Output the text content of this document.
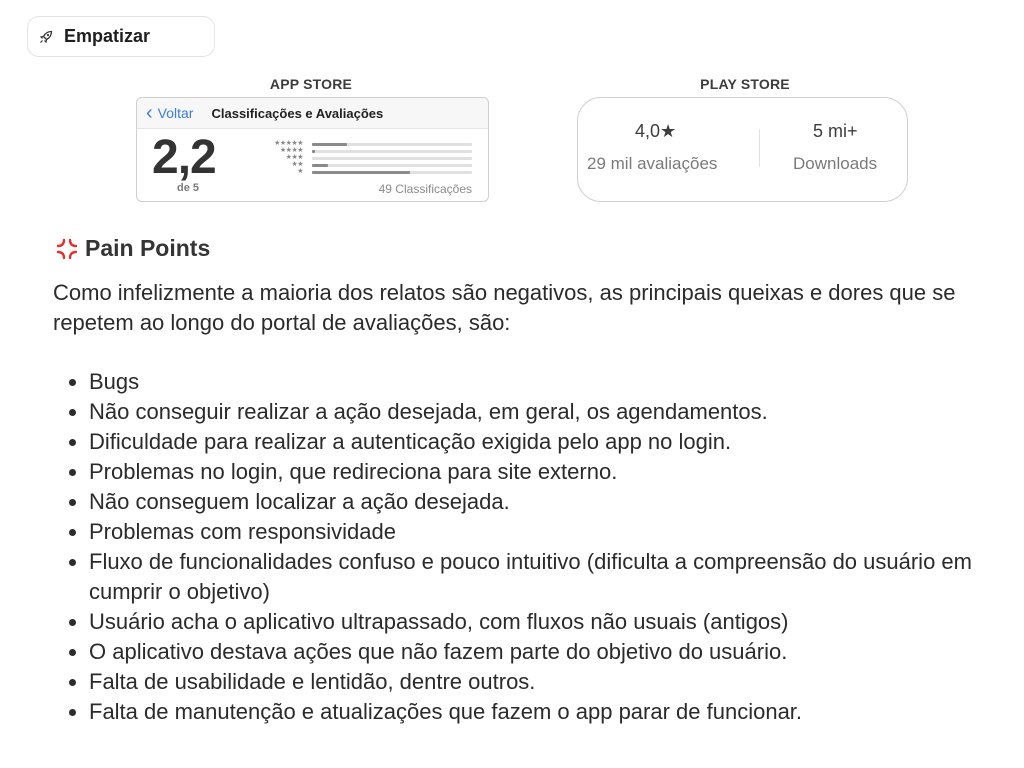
Empatizar
APP STORE	PLAY STORE
‹ Voltar Classificações e Avaliações
2,2
de 5
★★★★★
★★★★
★★★
★★
★
49 Classificações
4,0★
29 mil avaliações
5 mi+
Downloads
Pain Points

Como infelizmente a maioria dos relatos são negativos, as principais queixas e dores que se repetem ao longo do portal de avaliações, são:

• Bugs
• Não conseguir realizar a ação desejada, em geral, os agendamentos.
• Dificuldade para realizar a autenticação exigida pelo app no login.
• Problemas no login, que redireciona para site externo.
• Não conseguem localizar a ação desejada.
• Problemas com responsividade
• Fluxo de funcionalidades confuso e pouco intuitivo (dificulta a compreensão do usuário em cumprir o objetivo)
• Usuário acha o aplicativo ultrapassado, com fluxos não usuais (antigos)
• O aplicativo destava ações que não fazem parte do objetivo do usuário.
• Falta de usabilidade e lentidão, dentre outros.
• Falta de manutenção e atualizações que fazem o app parar de funcionar.
